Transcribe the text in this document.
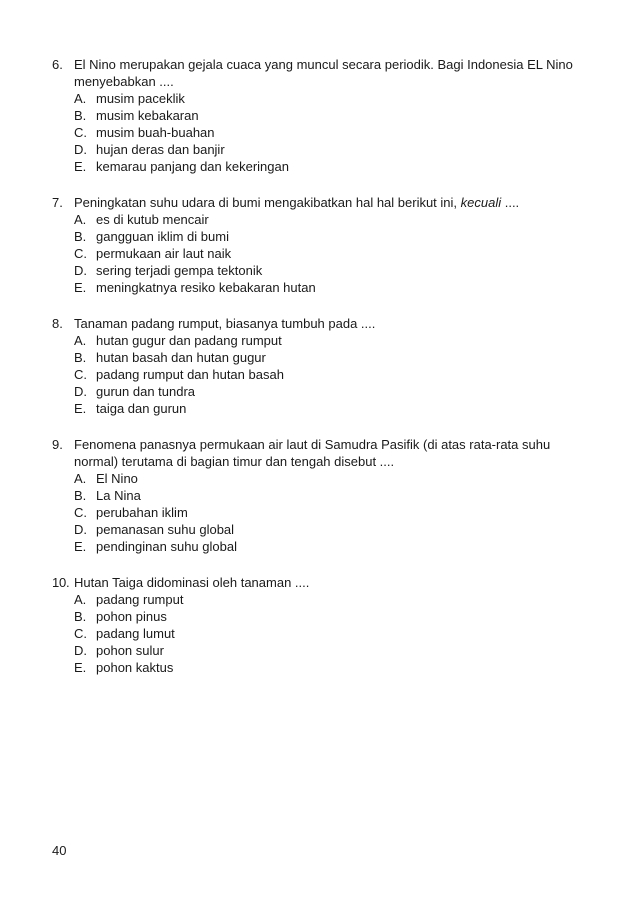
6. El Nino merupakan gejala cuaca yang muncul secara periodik. Bagi Indonesia EL Nino menyebabkan ....
A. musim paceklik
B. musim kebakaran
C. musim buah-buahan
D. hujan deras dan banjir
E. kemarau panjang dan kekeringan
7. Peningkatan suhu udara di bumi mengakibatkan hal hal berikut ini, kecuali ....
A. es di kutub mencair
B. gangguan iklim di bumi
C. permukaan air laut naik
D. sering terjadi gempa tektonik
E. meningkatnya resiko kebakaran hutan
8. Tanaman padang rumput, biasanya tumbuh pada ....
A. hutan gugur dan padang rumput
B. hutan basah dan hutan gugur
C. padang rumput dan hutan basah
D. gurun dan tundra
E. taiga dan gurun
9. Fenomena panasnya permukaan air laut di Samudra Pasifik (di atas rata-rata suhu normal) terutama di bagian timur dan tengah disebut ....
A. El Nino
B. La Nina
C. perubahan iklim
D. pemanasan suhu global
E. pendinginan suhu global
10. Hutan Taiga didominasi oleh tanaman ....
A. padang rumput
B. pohon pinus
C. padang lumut
D. pohon sulur
E. pohon kaktus
40
